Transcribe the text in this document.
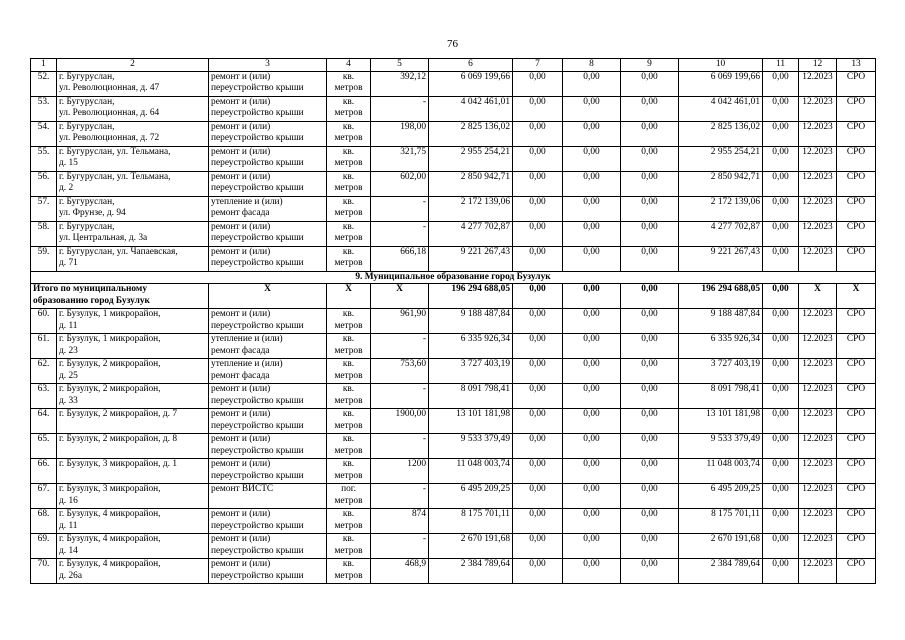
76
1	2	3	4	5	6	7	8	9	10	11	12	13
52.	г. Бугуруслан,
ул. Революционная, д. 47	ремонт и (или)
переустройство крыши	кв.
метров	392,12	6 069 199,66	0,00	0,00	0,00	6 069 199,66	0,00	12.2023	СРО
53.	г. Бугуруслан,
ул. Революционная, д. 64	ремонт и (или)
переустройство крыши	кв.
метров	-	4 042 461,01	0,00	0,00	0,00	4 042 461,01	0,00	12.2023	СРО
54.	г. Бугуруслан,
ул. Революционная, д. 72	ремонт и (или)
переустройство крыши	кв.
метров	198,00	2 825 136,02	0,00	0,00	0,00	2 825 136,02	0,00	12.2023	СРО
55.	г. Бугуруслан, ул. Тельмана,
д. 15	ремонт и (или)
переустройство крыши	кв.
метров	321,75	2 955 254,21	0,00	0,00	0,00	2 955 254,21	0,00	12.2023	СРО
56.	г. Бугуруслан, ул. Тельмана,
д. 2	ремонт и (или)
переустройство крыши	кв.
метров	602,00	2 850 942,71	0,00	0,00	0,00	2 850 942,71	0,00	12.2023	СРО
57.	г. Бугуруслан,
ул. Фрунзе, д. 94	утепление и (или)
ремонт фасада	кв.
метров	-	2 172 139,06	0,00	0,00	0,00	2 172 139,06	0,00	12.2023	СРО
58.	г. Бугуруслан,
ул. Центральная, д. 3а	ремонт и (или)
переустройство крыши	кв.
метров	-	4 277 702,87	0,00	0,00	0,00	4 277 702,87	0,00	12.2023	СРО
59.	г. Бугуруслан, ул. Чапаевская,
д. 71	ремонт и (или)
переустройство крыши	кв.
метров	666,18	9 221 267,43	0,00	0,00	0,00	9 221 267,43	0,00	12.2023	СРО
9. Муниципальное образование город Бузулук												

Итого по муниципальному
образованию город Бузулук		X	X	X	196 294 688,05	0,00	0,00	0,00	196 294 688,05	0,00	X	X
60.	г. Бузулук, 1 микрорайон,
д. 11	ремонт и (или)
переустройство крыши	кв.
метров	961,90	9 188 487,84	0,00	0,00	0,00	9 188 487,84	0,00	12.2023	СРО
61.	г. Бузулук, 1 микрорайон,
д. 23	утепление и (или)
ремонт фасада	кв.
метров	-	6 335 926,34	0,00	0,00	0,00	6 335 926,34	0,00	12.2023	СРО
62.	г. Бузулук, 2 микрорайон,
д. 25	утепление и (или)
ремонт фасада	кв.
метров	753,60	3 727 403,19	0,00	0,00	0,00	3 727 403,19	0,00	12.2023	СРО
63.	г. Бузулук, 2 микрорайон,
д. 33	ремонт и (или)
переустройство крыши	кв.
метров	-	8 091 798,41	0,00	0,00	0,00	8 091 798,41	0,00	12.2023	СРО
64.	г. Бузулук, 2 микрорайон, д. 7	ремонт и (или)
переустройство крыши	кв.
метров	1900,00	13 101 181,98	0,00	0,00	0,00	13 101 181,98	0,00	12.2023	СРО
65.	г. Бузулук, 2 микрорайон, д. 8	ремонт и (или)
переустройство крыши	кв.
метров	-	9 533 379,49	0,00	0,00	0,00	9 533 379,49	0,00	12.2023	СРО
66.	г. Бузулук, 3 микрорайон, д. 1	ремонт и (или)
переустройство крыши	кв.
метров	1200	11 048 003,74	0,00	0,00	0,00	11 048 003,74	0,00	12.2023	СРО
67.	г. Бузулук, 3 микрорайон,
д. 16	ремонт ВИСТС	пог.
метров	-	6 495 209,25	0,00	0,00	0,00	6 495 209,25	0,00	12.2023	СРО
68.	г. Бузулук, 4 микрорайон,
д. 11	ремонт и (или)
переустройство крыши	кв.
метров	874	8 175 701,11	0,00	0,00	0,00	8 175 701,11	0,00	12.2023	СРО
69.	г. Бузулук, 4 микрорайон,
д. 14	ремонт и (или)
переустройство крыши	кв.
метров	-	2 670 191,68	0,00	0,00	0,00	2 670 191,68	0,00	12.2023	СРО
70.	г. Бузулук, 4 микрорайон,
д. 26а	ремонт и (или)
переустройство крыши	кв.
метров	468,9	2 384 789,64	0,00	0,00	0,00	2 384 789,64	0,00	12.2023	СРО
